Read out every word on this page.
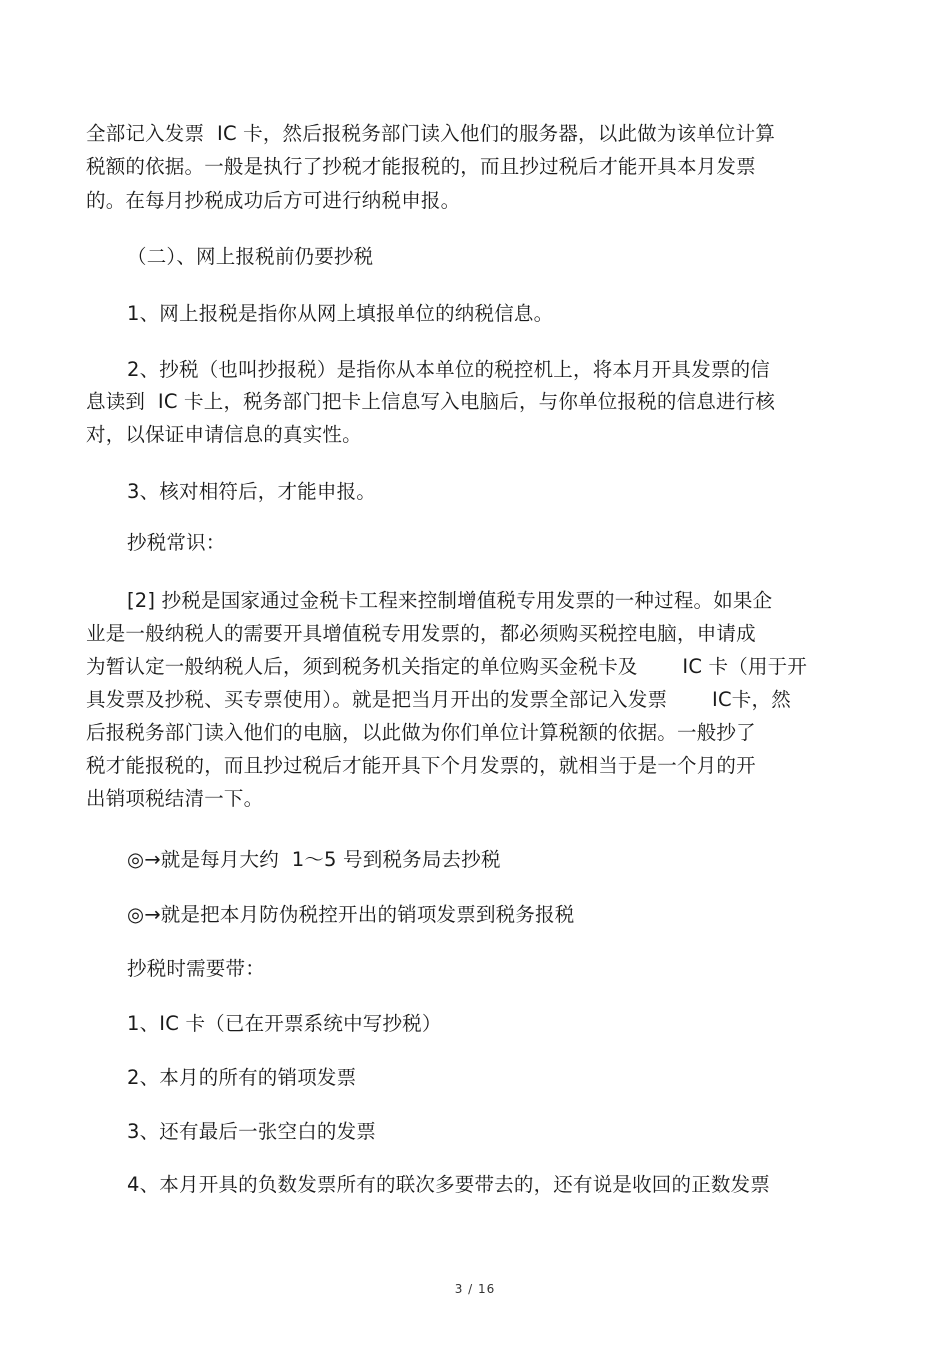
全部记入发票  IC 卡，然后报税务部门读入他们的服务器，以此做为该单位计算
税额的依据。一般是执行了抄税才能报税的，而且抄过税后才能开具本月发票
的。在每月抄税成功后方可进行纳税申报。
（二）、网上报税前仍要抄税
1、网上报税是指你从网上填报单位的纳税信息。
2、抄税（也叫抄报税）是指你从本单位的税控机上，将本月开具发票的信
息读到  IC 卡上，税务部门把卡上信息写入电脑后，与你单位报税的信息进行核
对，以保证申请信息的真实性。
3、核对相符后，才能申报。
抄税常识：
[2] 抄税是国家通过金税卡工程来控制增值税专用发票的一种过程。如果企
业是一般纳税人的需要开具增值税专用发票的，都必须购买税控电脑，申请成
为暂认定一般纳税人后，须到税务机关指定的单位购买金税卡及       IC 卡（用于开
具发票及抄税、买专票使用）。就是把当月开出的发票全部记入发票       IC卡，然
后报税务部门读入他们的电脑，以此做为你们单位计算税额的依据。一般抄了
税才能报税的，而且抄过税后才能开具下个月发票的，就相当于是一个月的开
出销项税结清一下。
◎→就是每月大约  1～5 号到税务局去抄税
◎→就是把本月防伪税控开出的销项发票到税务报税
抄税时需要带：
1、IC 卡（已在开票系统中写抄税）
2、本月的所有的销项发票
3、还有最后一张空白的发票
4、本月开具的负数发票所有的联次多要带去的，还有说是收回的正数发票
3 / 16
